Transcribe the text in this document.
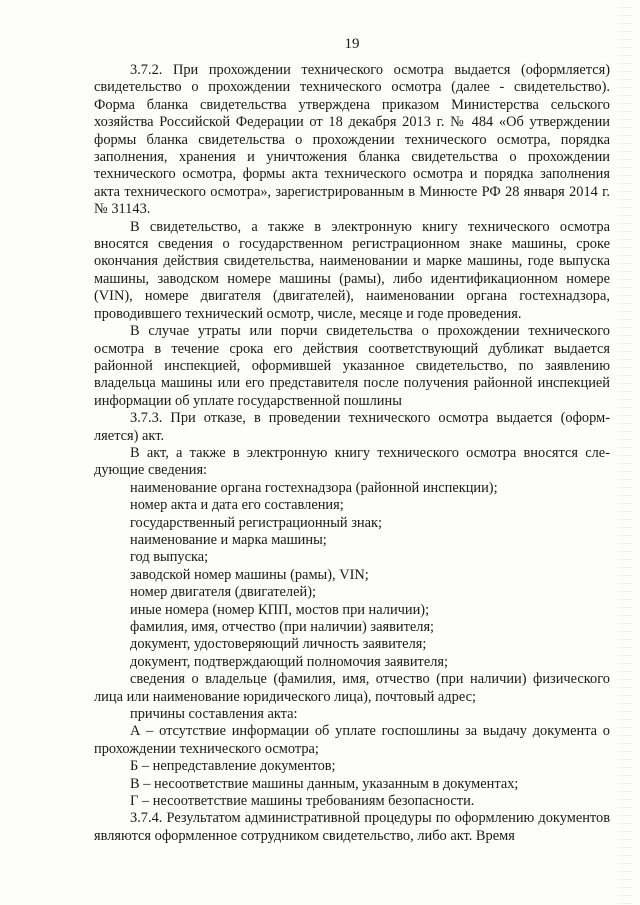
19

3.7.2. При прохождении технического осмотра выдается (оформляется) свидетельство о прохождении технического осмотра (далее - свидетельство). Форма бланка свидетельства утверждена приказом Министерства сельского хозяйства Российской Федерации от 18 декабря 2013 г. № 484 «Об утверждении формы бланка свидетельства о прохождении технического осмотра, порядка заполнения, хранения и уничтожения бланка свидетельства о прохождении технического осмотра, формы акта технического осмотра и порядка заполнения акта технического осмотра», зарегистрированным в Минюсте РФ 28 января 2014 г. № 31143.

В свидетельство, а также в электронную книгу технического осмотра вносятся сведения о государственном регистрационном знаке машины, сроке окончания действия свидетельства, наименовании и марке машины, годе выпуска машины, заводском номере машины (рамы), либо идентификационном номере (VIN), номере двигателя (двигателей), наименовании органа гостехнадзора, проводившего технический осмотр, числе, месяце и годе проведения.

В случае утраты или порчи свидетельства о прохождении технического осмотра в течение срока его действия соответствующий дубликат выдается районной инспекцией, оформившей указанное свидетельство, по заявлению владельца машины или его представителя после получения районной инспекцией информации об уплате государственной пошлины

3.7.3. При отказе, в проведении технического осмотра выдается (оформляется) акт.

В акт, а также в электронную книгу технического осмотра вносятся следующие сведения:

наименование органа гостехнадзора (районной инспекции);

номер акта и дата его составления;

государственный регистрационный знак;

наименование и марка машины;

год выпуска;

заводской номер машины (рамы), VIN;

номер двигателя (двигателей);

иные номера (номер КПП, мостов при наличии);

фамилия, имя, отчество (при наличии) заявителя;

документ, удостоверяющий личность заявителя;

документ, подтверждающий полномочия заявителя;

сведения о владельце (фамилия, имя, отчество (при наличии) физического лица или наименование юридического лица), почтовый адрес;

причины составления акта:

А – отсутствие информации об уплате госпошлины за выдачу документа о прохождении технического осмотра;

Б – непредставление документов;

В – несоответствие машины данным, указанным в документах;

Г – несоответствие машины требованиям безопасности.

3.7.4. Результатом административной процедуры по оформлению документов являются оформленное сотрудником свидетельство, либо акт. Время
